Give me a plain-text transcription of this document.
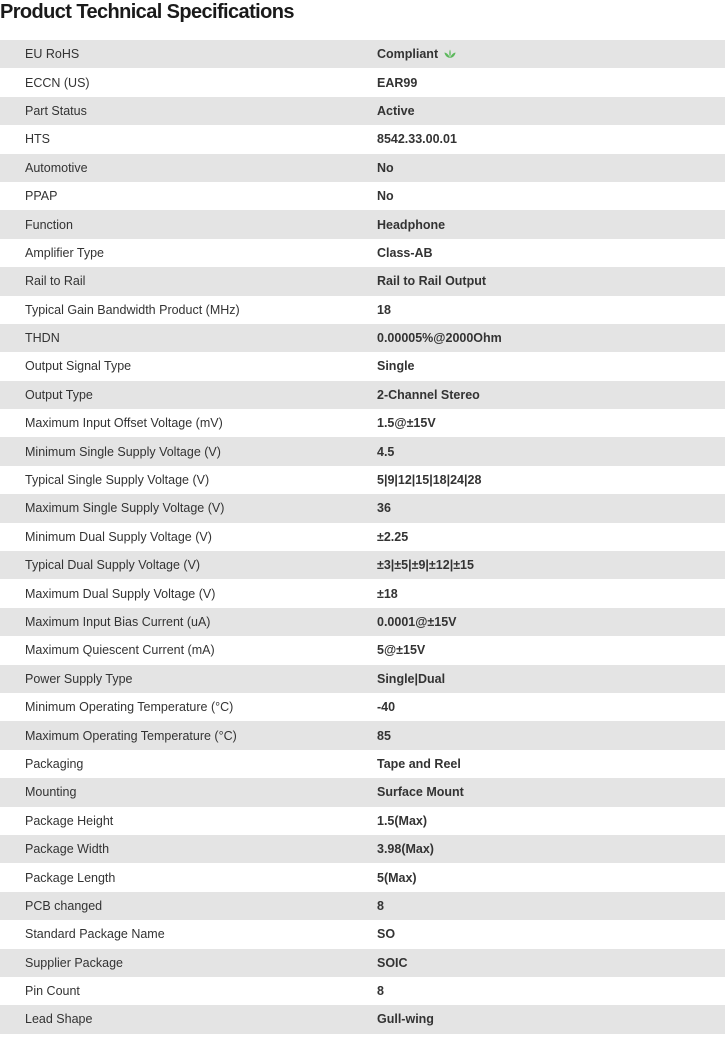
Product Technical Specifications
EU RoHS	Compliant
ECCN (US)	EAR99
Part Status	Active
HTS	8542.33.00.01
Automotive	No
PPAP	No
Function	Headphone
Amplifier Type	Class-AB
Rail to Rail	Rail to Rail Output
Typical Gain Bandwidth Product (MHz)	18
THDN	0.00005%@2000Ohm
Output Signal Type	Single
Output Type	2-Channel Stereo
Maximum Input Offset Voltage (mV)	1.5@±15V
Minimum Single Supply Voltage (V)	4.5
Typical Single Supply Voltage (V)	5|9|12|15|18|24|28
Maximum Single Supply Voltage (V)	36
Minimum Dual Supply Voltage (V)	±2.25
Typical Dual Supply Voltage (V)	±3|±5|±9|±12|±15
Maximum Dual Supply Voltage (V)	±18
Maximum Input Bias Current (uA)	0.0001@±15V
Maximum Quiescent Current (mA)	5@±15V
Power Supply Type	Single|Dual
Minimum Operating Temperature (°C)	-40
Maximum Operating Temperature (°C)	85
Packaging	Tape and Reel
Mounting	Surface Mount
Package Height	1.5(Max)
Package Width	3.98(Max)
Package Length	5(Max)
PCB changed	8
Standard Package Name	SO
Supplier Package	SOIC
Pin Count	8
Lead Shape	Gull-wing
